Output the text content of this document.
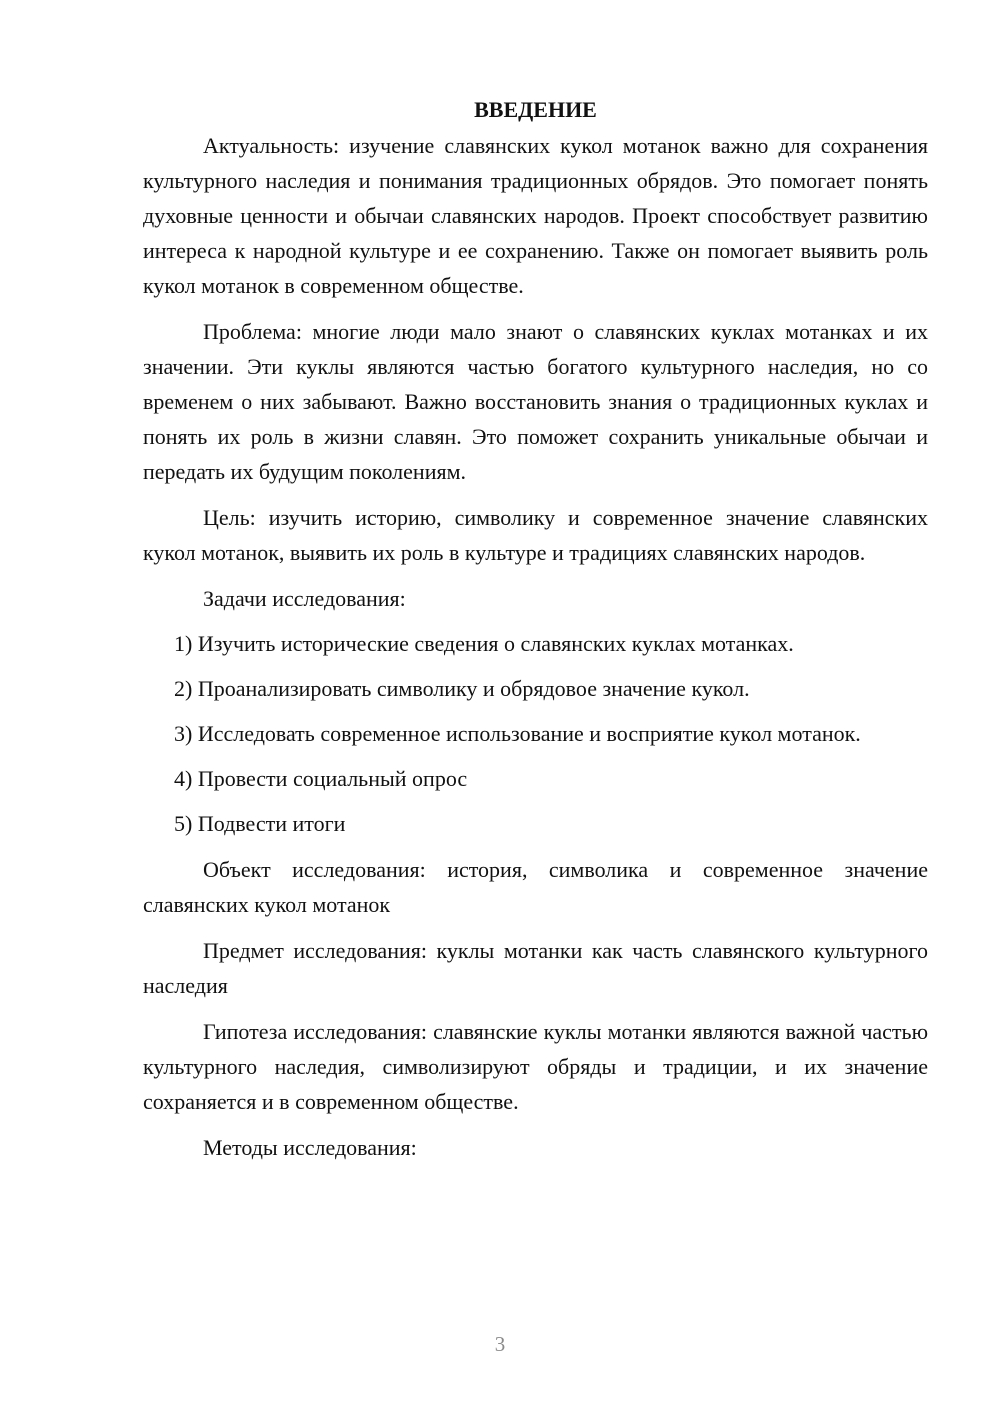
ВВЕДЕНИЕ

Актуальность: изучение славянских кукол мотанок важно для сохранения культурного наследия и понимания традиционных обрядов. Это помогает понять духовные ценности и обычаи славянских народов. Проект способствует развитию интереса к народной культуре и ее сохранению. Также он помогает выявить роль кукол мотанок в современном обществе.

Проблема: многие люди мало знают о славянских куклах мотанках и их значении. Эти куклы являются частью богатого культурного наследия, но со временем о них забывают. Важно восстановить знания о традиционных куклах и понять их роль в жизни славян. Это поможет сохранить уникальные обычаи и передать их будущим поколениям.

Цель: изучить историю, символику и современное значение славянских кукол мотанок, выявить их роль в культуре и традициях славянских народов.

Задачи исследования:

1) Изучить исторические сведения о славянских куклах мотанках.

2) Проанализировать символику и обрядовое значение кукол.

3) Исследовать современное использование и восприятие кукол мотанок.

4) Провести социальный опрос

5) Подвести итоги

Объект исследования: история, символика и современное значение славянских кукол мотанок

Предмет исследования: куклы мотанки как часть славянского культурного наследия

Гипотеза исследования: славянские куклы мотанки являются важной частью культурного наследия, символизируют обряды и традиции, и их значение сохраняется и в современном обществе.

Методы исследования:

3
